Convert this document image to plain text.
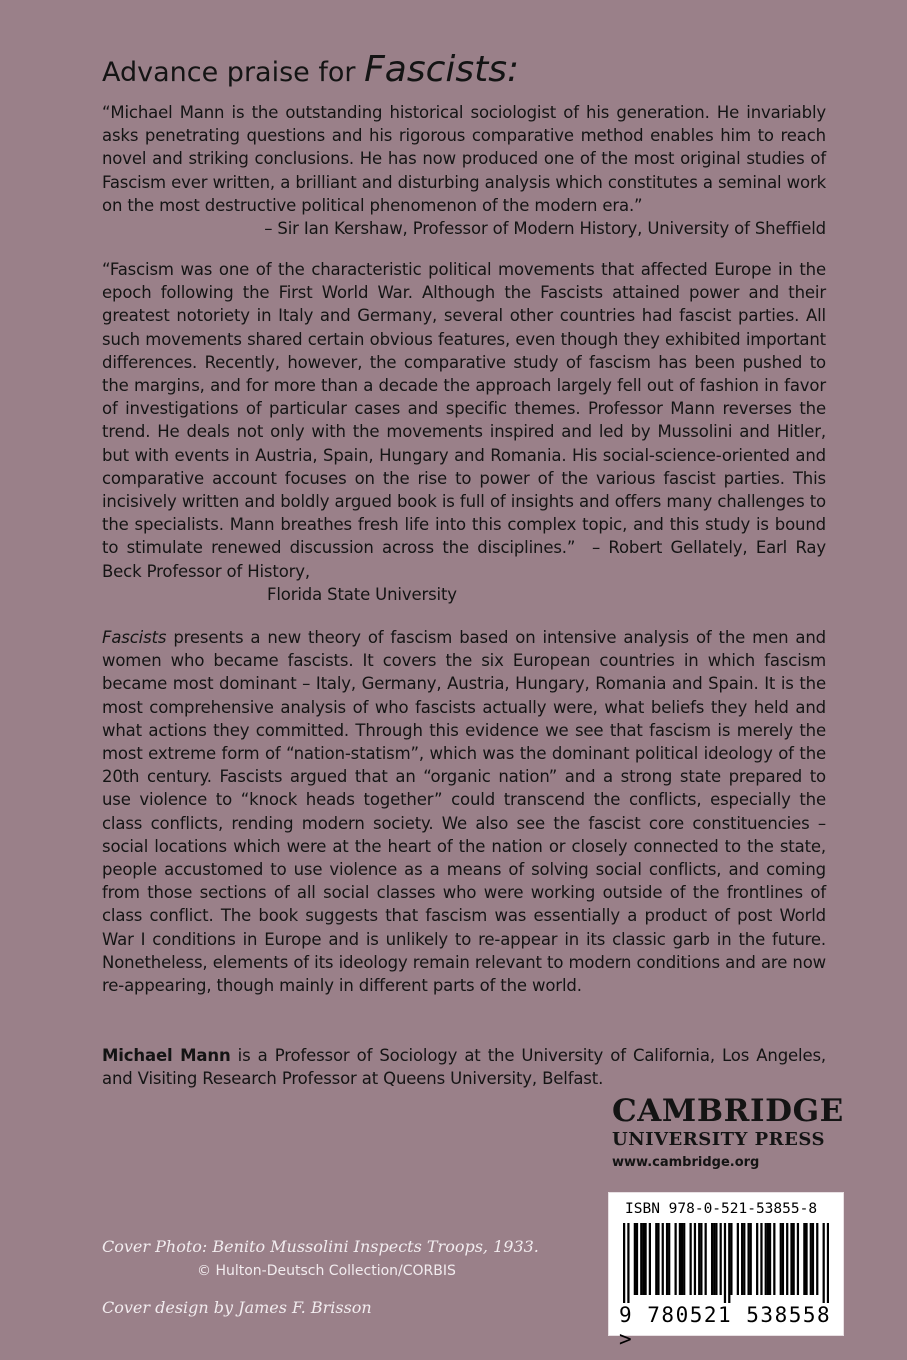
Advance praise for Fascists:
“Michael Mann is the outstanding historical sociologist of his generation. He invariably asks penetrating questions and his rigorous comparative method enables him to reach novel and striking conclusions. He has now produced one of the most original studies of Fascism ever written, a brilliant and disturbing analysis which constitutes a seminal work on the most destructive political phenomenon of the modern era.”
– Sir Ian Kershaw, Professor of Modern History, University of Sheffield
“Fascism was one of the characteristic political movements that affected Europe in the epoch following the First World War. Although the Fascists attained power and their greatest notoriety in Italy and Germany, several other countries had fascist parties. All such movements shared certain obvious features, even though they exhibited important differences. Recently, however, the comparative study of fascism has been pushed to the margins, and for more than a decade the approach largely fell out of fashion in favor of investigations of particular cases and specific themes. Professor Mann reverses the trend. He deals not only with the movements inspired and led by Mussolini and Hitler, but with events in Austria, Spain, Hungary and Romania. His social-science-oriented and comparative account focuses on the rise to power of the various fascist parties. This incisively written and boldly argued book is full of insights and offers many challenges to the specialists. Mann breathes fresh life into this complex topic, and this study is bound to stimulate renewed discussion across the disciplines.” – Robert Gellately, Earl Ray Beck Professor of History,
Florida State University
Fascists presents a new theory of fascism based on intensive analysis of the men and women who became fascists. It covers the six European countries in which fascism became most dominant – Italy, Germany, Austria, Hungary, Romania and Spain. It is the most comprehensive analysis of who fascists actually were, what beliefs they held and what actions they committed. Through this evidence we see that fascism is merely the most extreme form of “nation-statism”, which was the dominant political ideology of the 20th century. Fascists argued that an “organic nation” and a strong state prepared to use violence to “knock heads together” could transcend the conflicts, especially the class conflicts, rending modern society. We also see the fascist core constituencies – social locations which were at the heart of the nation or closely connected to the state, people accustomed to use violence as a means of solving social conflicts, and coming from those sections of all social classes who were working outside of the frontlines of class conflict. The book suggests that fascism was essentially a product of post World War I conditions in Europe and is unlikely to re-appear in its classic garb in the future. Nonetheless, elements of its ideology remain relevant to modern conditions and are now re-appearing, though mainly in different parts of the world.
Michael Mann is a Professor of Sociology at the University of California, Los Angeles, and Visiting Research Professor at Queens University, Belfast.
CAMBRIDGE
UNIVERSITY PRESS
www.cambridge.org
ISBN 978-0-521-53855-8
9 780521 538558 >
Cover Photo: Benito Mussolini Inspects Troops, 1933.
© Hulton-Deutsch Collection/CORBIS
Cover design by James F. Brisson
